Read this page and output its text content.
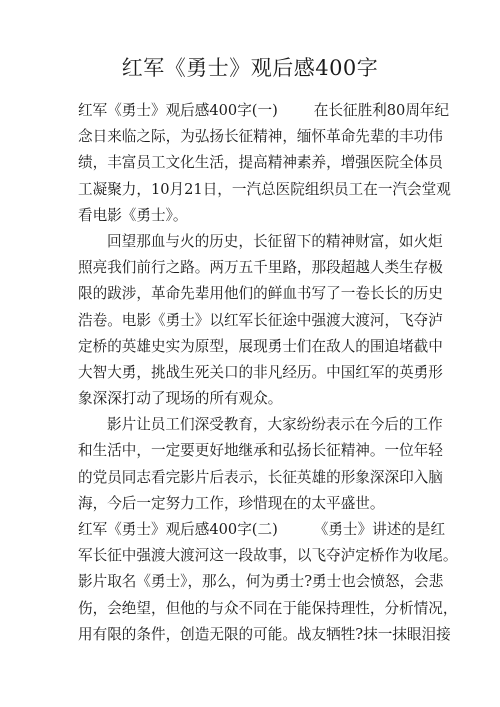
红军《勇士》观后感400字
红军《勇士》观后感400字(一) 在长征胜利80周年纪
念日来临之际，为弘扬长征精神，缅怀革命先辈的丰功伟
绩，丰富员工文化生活，提高精神素养，增强医院全体员
工凝聚力，10月21日，一汽总医院组织员工在一汽会堂观
看电影《勇士》。
回望那血与火的历史，长征留下的精神财富，如火炬
照亮我们前行之路。两万五千里路，那段超越人类生存极
限的跋涉，革命先辈用他们的鲜血书写了一卷长长的历史
浩卷。电影《勇士》以红军长征途中强渡大渡河，飞夺泸
定桥的英雄史实为原型，展现勇士们在敌人的围追堵截中
大智大勇，挑战生死关口的非凡经历。中国红军的英勇形
象深深打动了现场的所有观众。
影片让员工们深受教育，大家纷纷表示在今后的工作
和生活中，一定要更好地继承和弘扬长征精神。一位年轻
的党员同志看完影片后表示，长征英雄的形象深深印入脑
海，今后一定努力工作，珍惜现在的太平盛世。
红军《勇士》观后感400字(二) 《勇士》讲述的是红
军长征中强渡大渡河这一段故事，以飞夺泸定桥作为收尾。
影片取名《勇士》，那么，何为勇士?勇士也会愤怒，会悲
伤，会绝望，但他的与众不同在于能保持理性，分析情况，
用有限的条件，创造无限的可能。战友牺牲?抹一抹眼泪接
